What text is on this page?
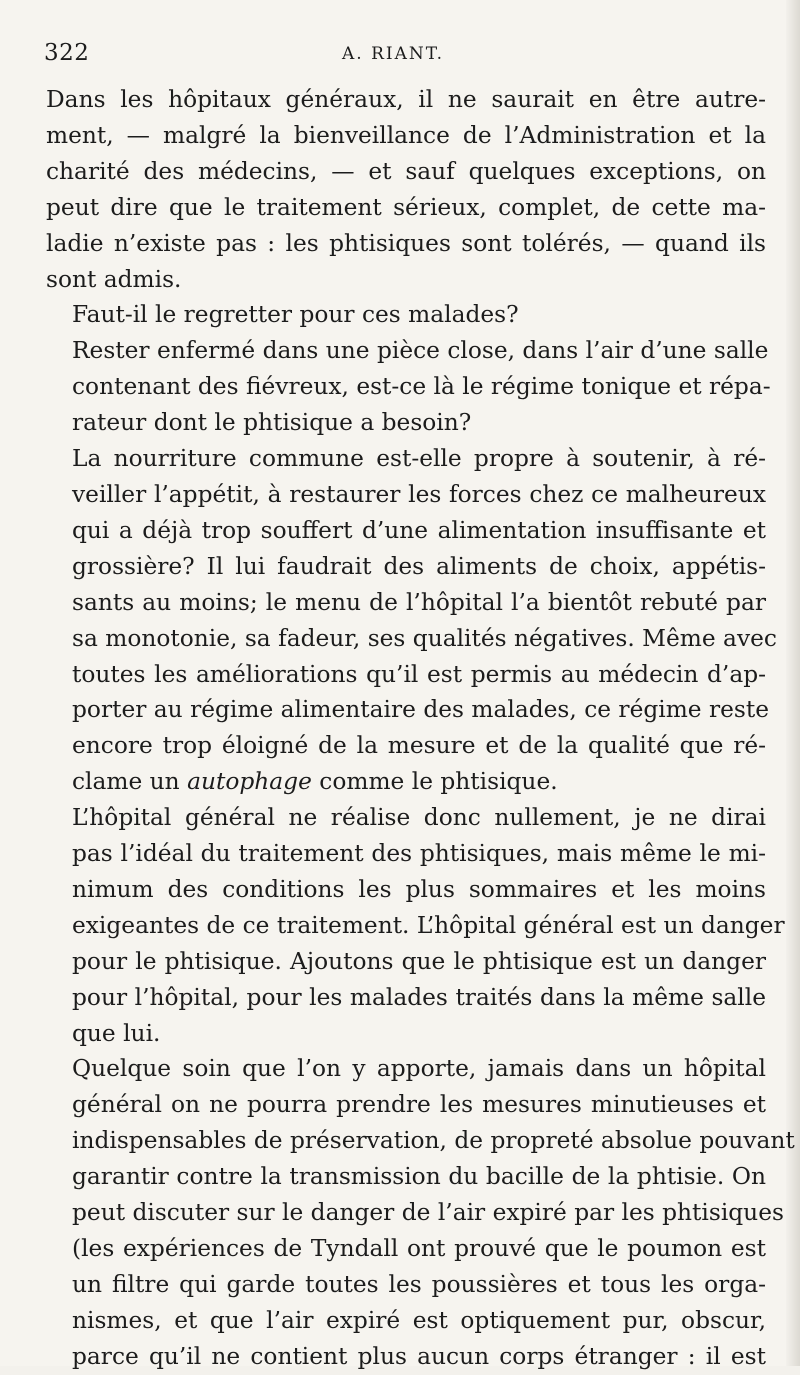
322	A. RIANT.

Dans les hôpitaux généraux, il ne saurait en être autre-
ment, — malgré la bienveillance de l’Administration et la
charité des médecins, — et sauf quelques exceptions, on
peut dire que le traitement sérieux, complet, de cette ma-
ladie n’existe pas : les phtisiques sont tolérés, — quand ils
sont admis.

Faut-il le regretter pour ces malades?

Rester enfermé dans une pièce close, dans l’air d’une salle
contenant des fiévreux, est-ce là le régime tonique et répa-
rateur dont le phtisique a besoin?

La nourriture commune est-elle propre à soutenir, à ré-
veiller l’appétit, à restaurer les forces chez ce malheureux
qui a déjà trop souffert d’une alimentation insuffisante et
grossière? Il lui faudrait des aliments de choix, appétis-
sants au moins; le menu de l’hôpital l’a bientôt rebuté par
sa monotonie, sa fadeur, ses qualités négatives. Même avec
toutes les améliorations qu’il est permis au médecin d’ap-
porter au régime alimentaire des malades, ce régime reste
encore trop éloigné de la mesure et de la qualité que ré-
clame un autophage comme le phtisique.

L’hôpital général ne réalise donc nullement, je ne dirai
pas l’idéal du traitement des phtisiques, mais même le mi-
nimum des conditions les plus sommaires et les moins
exigeantes de ce traitement. L’hôpital général est un danger
pour le phtisique. Ajoutons que le phtisique est un danger
pour l’hôpital, pour les malades traités dans la même salle
que lui.

Quelque soin que l’on y apporte, jamais dans un hôpital
général on ne pourra prendre les mesures minutieuses et
indispensables de préservation, de propreté absolue pouvant
garantir contre la transmission du bacille de la phtisie. On
peut discuter sur le danger de l’air expiré par les phtisiques
(les expériences de Tyndall ont prouvé que le poumon est
un filtre qui garde toutes les poussières et tous les orga-
nismes, et que l’air expiré est optiquement pur, obscur,
parce qu’il ne contient plus aucun corps étranger : il est
